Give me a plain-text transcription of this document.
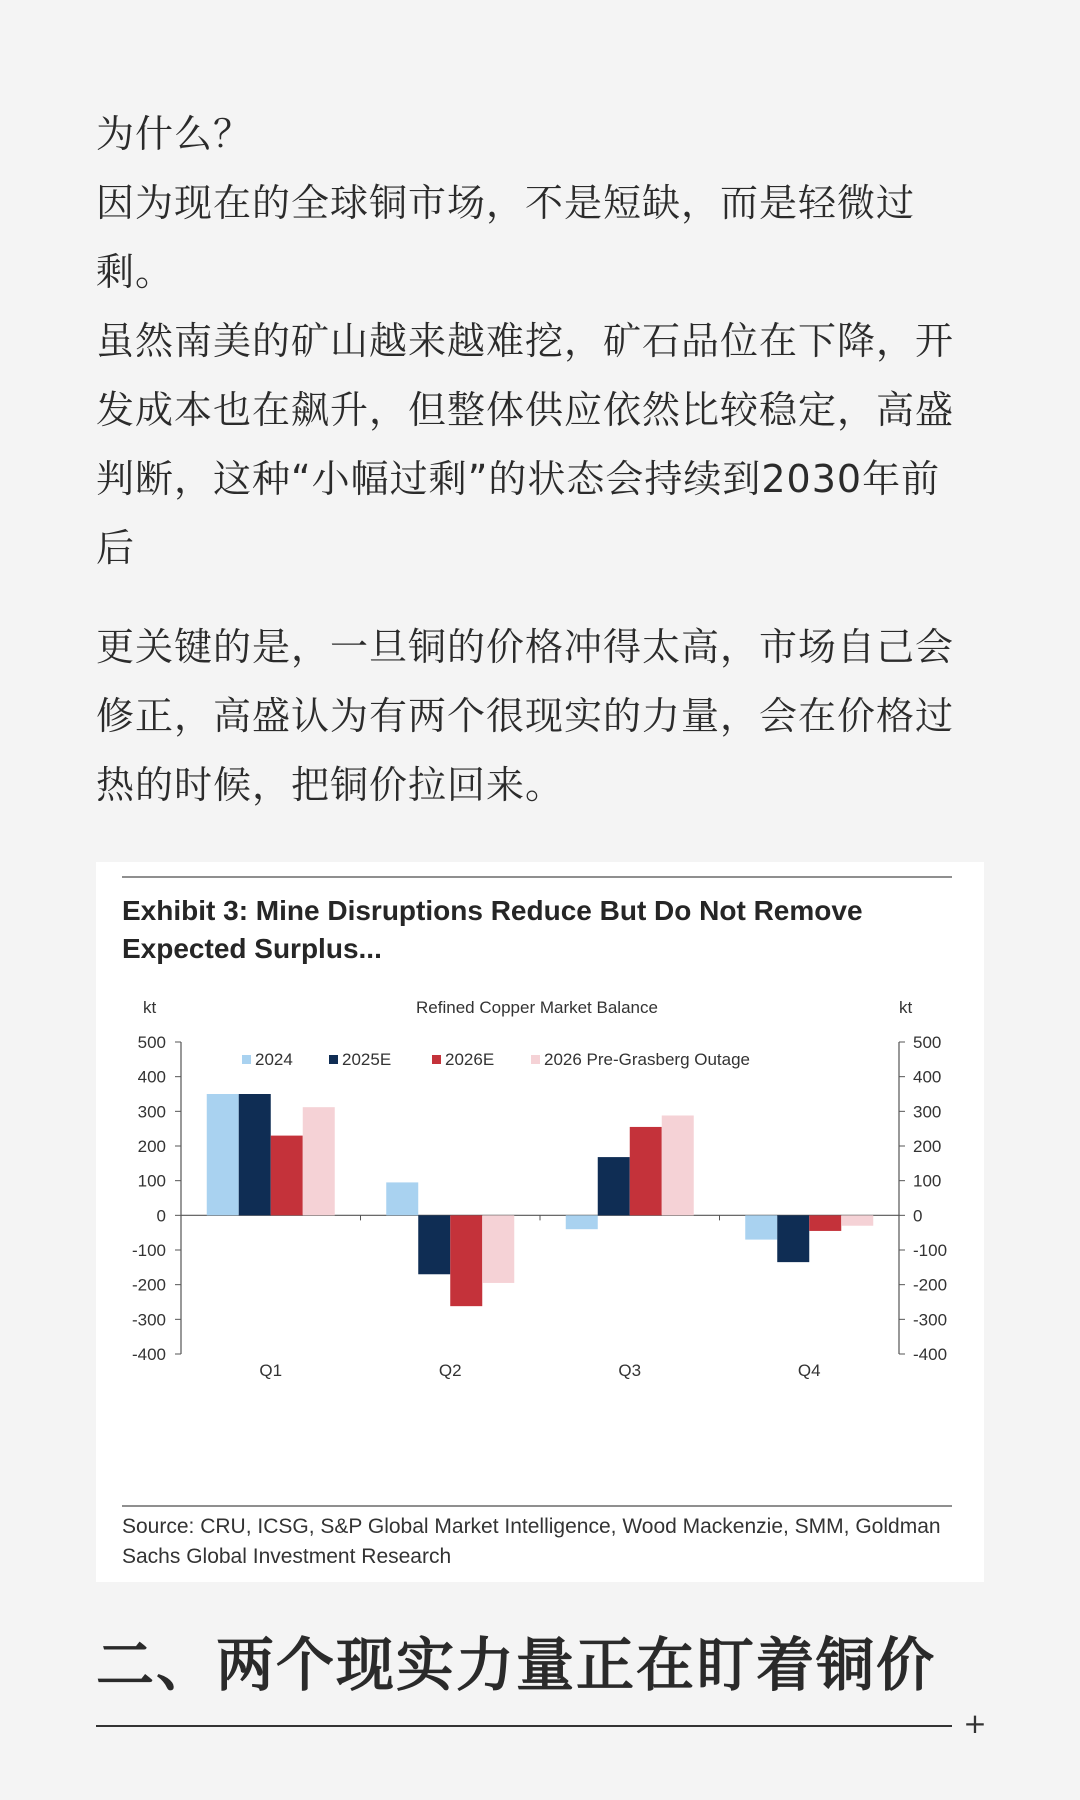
为什么？

因为现在的全球铜市场，不是短缺，而是轻微过

剩。

虽然南美的矿山越来越难挖，矿石品位在下降，开

发成本也在飙升，但整体供应依然比较稳定，高盛

判断，这种“小幅过剩”的状态会持续到2030年前

后

更关键的是，一旦铜的价格冲得太高，市场自己会

修正，高盛认为有两个很现实的力量，会在价格过

热的时候，把铜价拉回来。

Exhibit 3: Mine Disruptions Reduce But Do Not Remove Expected Surplus...

Refined Copper Market Balance
kt	kt
500	500
400	400
300	300
200	200
100	100
0	0
-100	-100
-200	-200
-300	-300
-400	-400
Q1	Q2	Q3	Q4
2024	2025E	2026E	2026 Pre-Grasberg Outage

Source: CRU, ICSG, S&P Global Market Intelligence, Wood Mackenzie, SMM, Goldman Sachs Global Investment Research

二、两个现实力量正在盯着铜价
+
